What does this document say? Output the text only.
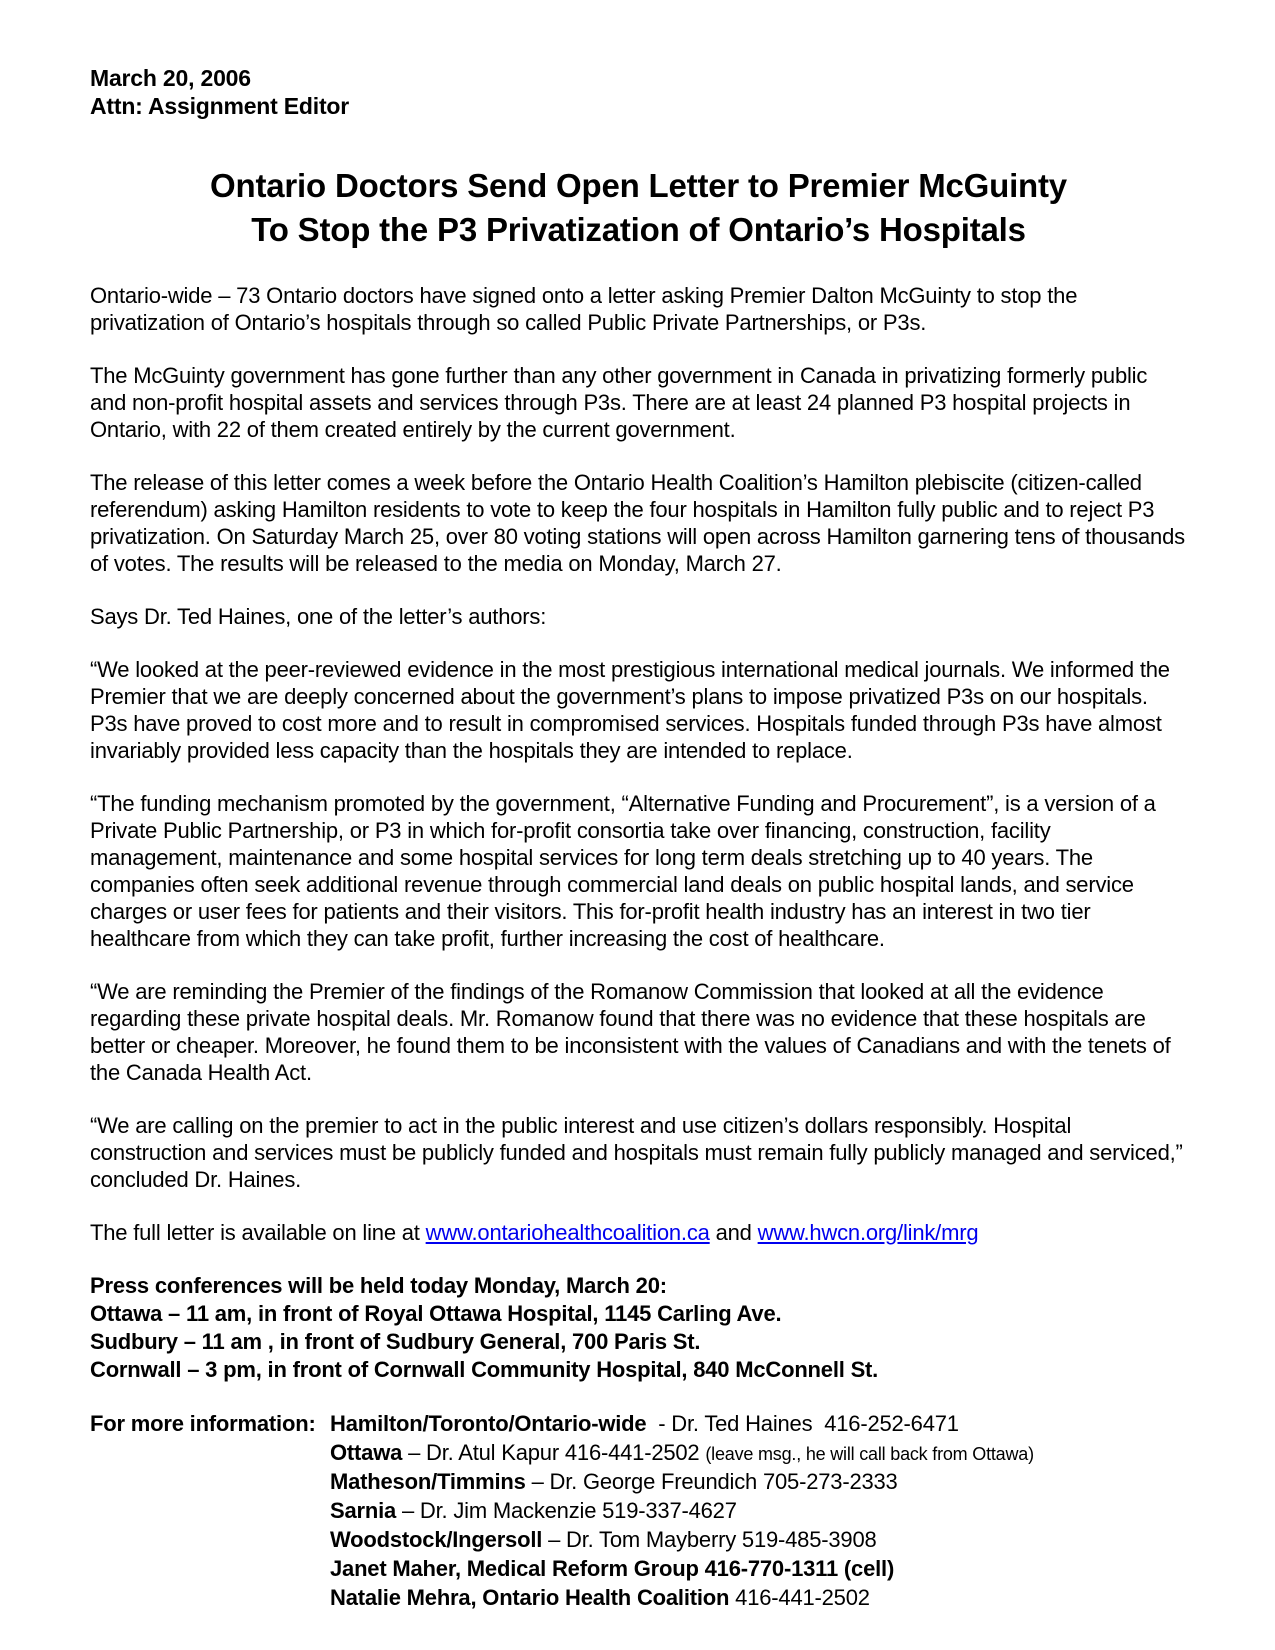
March 20, 2006
Attn: Assignment Editor
Ontario Doctors Send Open Letter to Premier McGuinty
To Stop the P3 Privatization of Ontario’s Hospitals

Ontario-wide – 73 Ontario doctors have signed onto a letter asking Premier Dalton McGuinty to stop the privatization of Ontario’s hospitals through so called Public Private Partnerships, or P3s.

The McGuinty government has gone further than any other government in Canada in privatizing formerly public and non-profit hospital assets and services through P3s. There are at least 24 planned P3 hospital projects in Ontario, with 22 of them created entirely by the current government.

The release of this letter comes a week before the Ontario Health Coalition’s Hamilton plebiscite (citizen-called referendum) asking Hamilton residents to vote to keep the four hospitals in Hamilton fully public and to reject P3 privatization. On Saturday March 25, over 80 voting stations will open across Hamilton garnering tens of thousands of votes. The results will be released to the media on Monday, March 27.

Says Dr. Ted Haines, one of the letter’s authors:

“We looked at the peer-reviewed evidence in the most prestigious international medical journals. We informed the Premier that we are deeply concerned about the government’s plans to impose privatized P3s on our hospitals. P3s have proved to cost more and to result in compromised services. Hospitals funded through P3s have almost invariably provided less capacity than the hospitals they are intended to replace.

“The funding mechanism promoted by the government, “Alternative Funding and Procurement”, is a version of a Private Public Partnership, or P3 in which for-profit consortia take over financing, construction, facility management, maintenance and some hospital services for long term deals stretching up to 40 years. The companies often seek additional revenue through commercial land deals on public hospital lands, and service charges or user fees for patients and their visitors. This for-profit health industry has an interest in two tier healthcare from which they can take profit, further increasing the cost of healthcare.

“We are reminding the Premier of the findings of the Romanow Commission that looked at all the evidence regarding these private hospital deals. Mr. Romanow found that there was no evidence that these hospitals are better or cheaper. Moreover, he found them to be inconsistent with the values of Canadians and with the tenets of the Canada Health Act.

“We are calling on the premier to act in the public interest and use citizen’s dollars responsibly. Hospital construction and services must be publicly funded and hospitals must remain fully publicly managed and serviced,” concluded Dr. Haines.

The full letter is available on line at www.ontariohealthcoalition.ca and www.hwcn.org/link/mrg

Press conferences will be held today Monday, March 20:
Ottawa – 11 am, in front of Royal Ottawa Hospital, 1145 Carling Ave.
Sudbury – 11 am , in front of Sudbury General, 700 Paris St.
Cornwall – 3 pm, in front of Cornwall Community Hospital, 840 McConnell St.
For more information: Hamilton/Toronto/Ontario-wide  - Dr. Ted Haines  416-252-6471
Ottawa – Dr. Atul Kapur 416-441-2502 (leave msg., he will call back from Ottawa)
Matheson/Timmins – Dr. George Freundich 705-273-2333
Sarnia – Dr. Jim Mackenzie 519-337-4627
Woodstock/Ingersoll – Dr. Tom Mayberry 519-485-3908
Janet Maher, Medical Reform Group 416-770-1311 (cell)
Natalie Mehra, Ontario Health Coalition 416-441-2502
